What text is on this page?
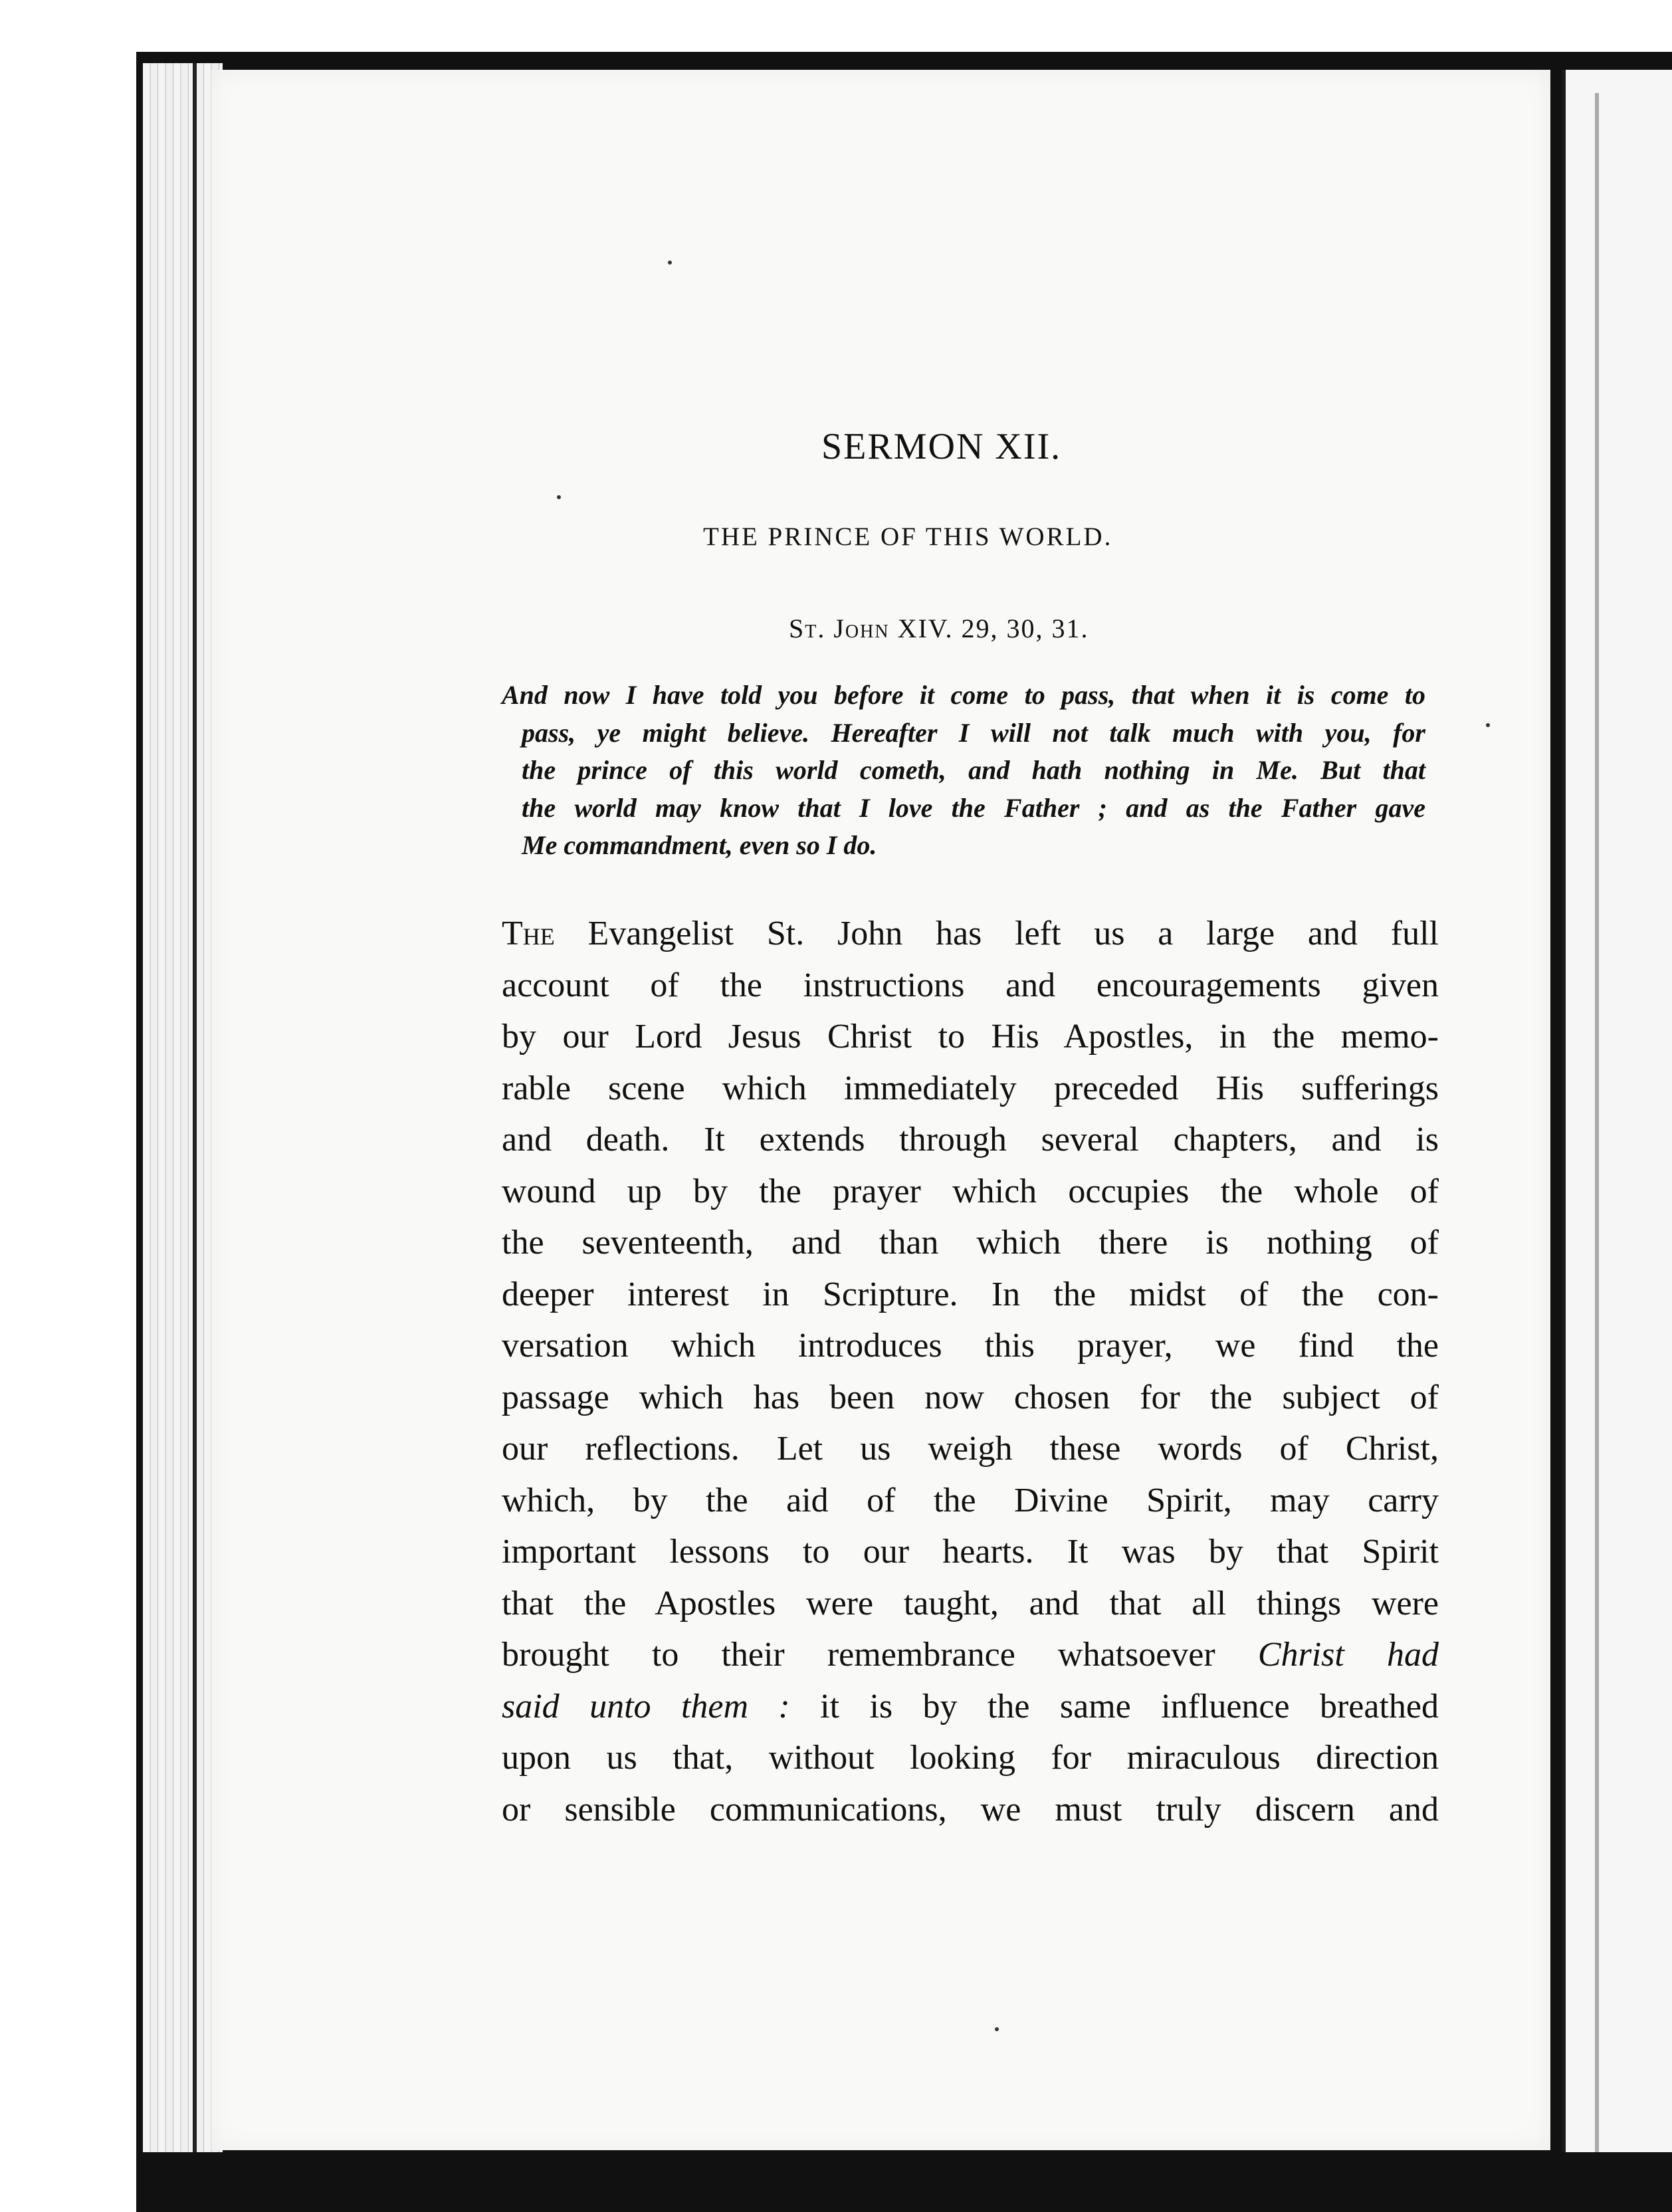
SERMON XII.
THE PRINCE OF THIS WORLD.
St. John XIV. 29, 30, 31.
And now I have told you before it come to pass, that when it is come to
pass, ye might believe. Hereafter I will not talk much with you, for
the prince of this world cometh, and hath nothing in Me. But that
the world may know that I love the Father ; and as the Father gave
Me commandment, even so I do.
The Evangelist St. John has left us a large and full
account of the instructions and encouragements given
by our Lord Jesus Christ to His Apostles, in the memo-
rable scene which immediately preceded His sufferings
and death. It extends through several chapters, and is
wound up by the prayer which occupies the whole of
the seventeenth, and than which there is nothing of
deeper interest in Scripture. In the midst of the con-
versation which introduces this prayer, we find the
passage which has been now chosen for the subject of
our reflections. Let us weigh these words of Christ,
which, by the aid of the Divine Spirit, may carry
important lessons to our hearts. It was by that Spirit
that the Apostles were taught, and that all things were
brought to their remembrance whatsoever Christ had
said unto them : it is by the same influence breathed
upon us that, without looking for miraculous direction
or sensible communications, we must truly discern and
